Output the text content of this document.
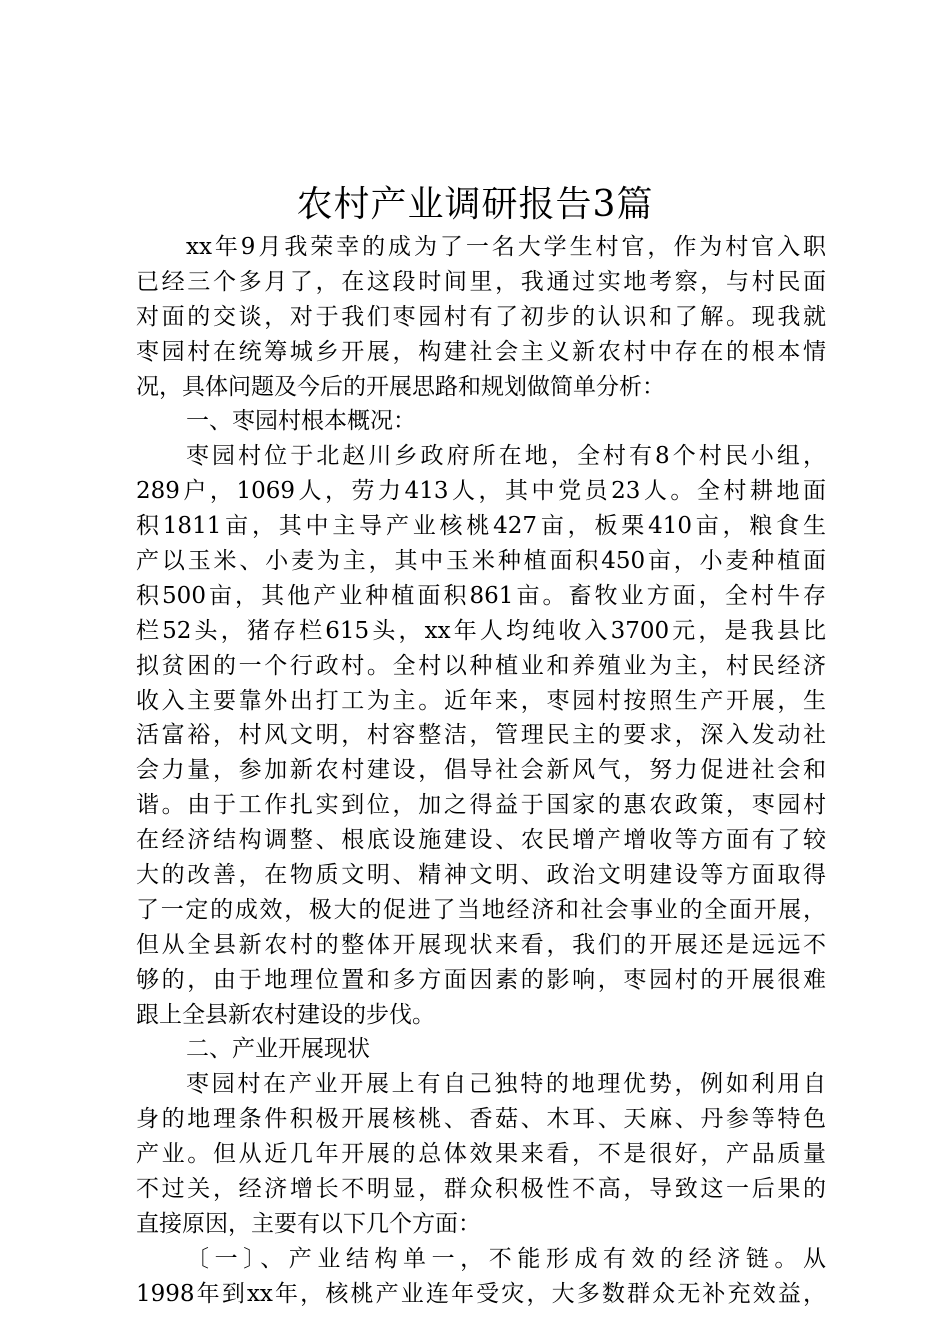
农村产业调研报告3篇
xx年9月我荣幸的成为了一名大学生村官，作为村官入职
已经三个多月了，在这段时间里，我通过实地考察，与村民面
对面的交谈，对于我们枣园村有了初步的认识和了解。现我就
枣园村在统筹城乡开展，构建社会主义新农村中存在的根本情
况，具体问题及今后的开展思路和规划做简单分析：
一、枣园村根本概况：
枣园村位于北赵川乡政府所在地，全村有8个村民小组，
289户，1069人，劳力413人，其中党员23人。全村耕地面
积1811亩，其中主导产业核桃427亩，板栗410亩，粮食生
产以玉米、小麦为主，其中玉米种植面积450亩，小麦种植面
积500亩，其他产业种植面积861亩。畜牧业方面，全村牛存
栏52头，猪存栏615头，xx年人均纯收入3700元，是我县比
拟贫困的一个行政村。全村以种植业和养殖业为主，村民经济
收入主要靠外出打工为主。近年来，枣园村按照生产开展，生
活富裕，村风文明，村容整洁，管理民主的要求，深入发动社
会力量，参加新农村建设，倡导社会新风气，努力促进社会和
谐。由于工作扎实到位，加之得益于国家的惠农政策，枣园村
在经济结构调整、根底设施建设、农民增产增收等方面有了较
大的改善，在物质文明、精神文明、政治文明建设等方面取得
了一定的成效，极大的促进了当地经济和社会事业的全面开展，
但从全县新农村的整体开展现状来看，我们的开展还是远远不
够的，由于地理位置和多方面因素的影响，枣园村的开展很难
跟上全县新农村建设的步伐。
二、产业开展现状
枣园村在产业开展上有自己独特的地理优势，例如利用自
身的地理条件积极开展核桃、香菇、木耳、天麻、丹参等特色
产业。但从近几年开展的总体效果来看，不是很好，产品质量
不过关，经济增长不明显，群众积极性不高，导致这一后果的
直接原因，主要有以下几个方面：
〔一〕、产业结构单一，不能形成有效的经济链。从
1998年到xx年，核桃产业连年受灾，大多数群众无补充效益，
